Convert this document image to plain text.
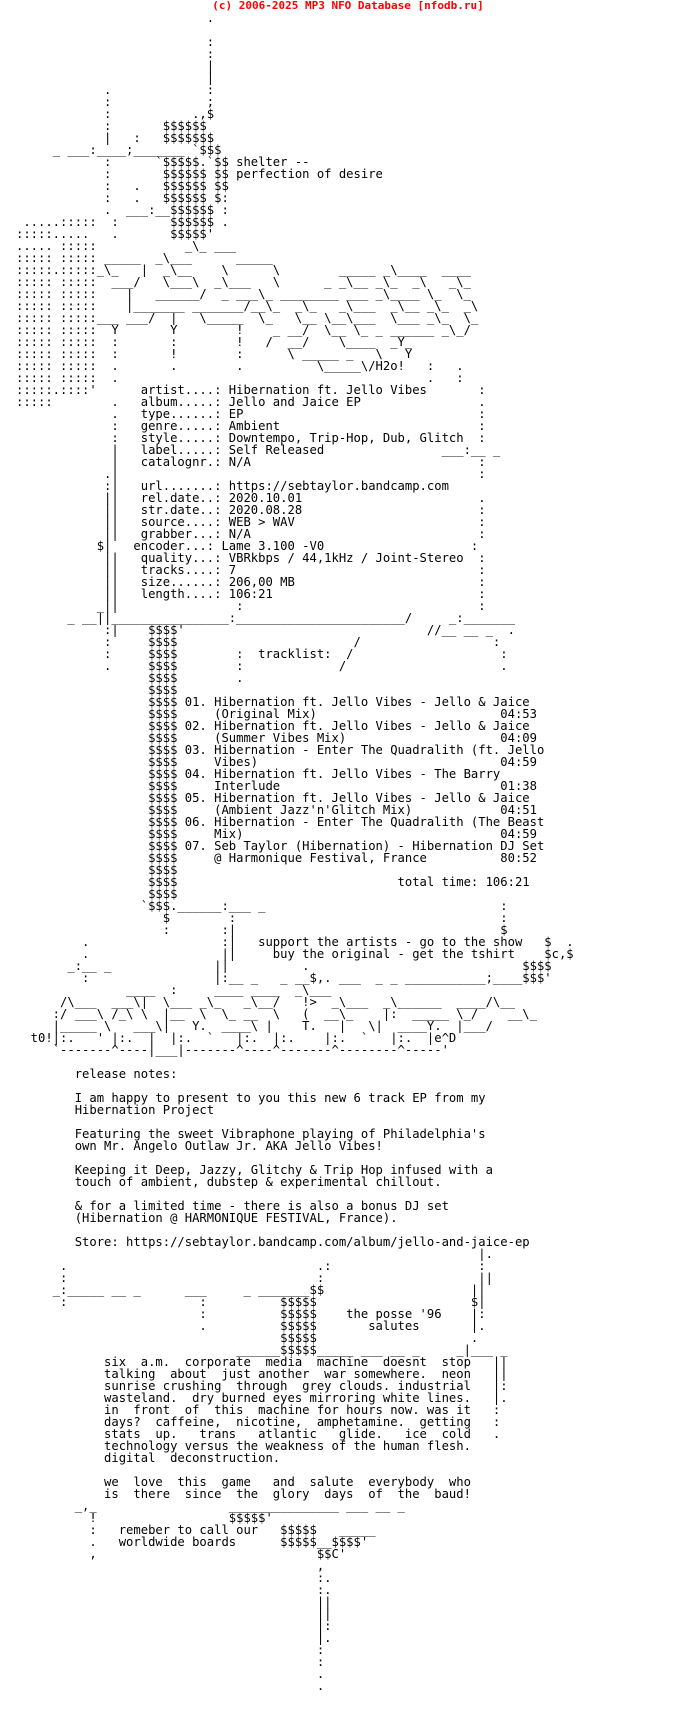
(c) 2006-2025 MP3 NFO Database [nfodb.ru]
.

:
:
|
|
.             :
:             ;
:           .,$
:       $$$$$$
|   :   $$$$$$$
_ ___:____;_______ `$$$
:      `$$$$$.`$$ shelter --
:       $$$$$$ $$ perfection of desire
:   .   $$$$$$ $$
:   .   $$$$$$ $:
.  ___:__$$$$$$ :
.....:::::  :       $$$$$$ .
:::::.....   .       $$$$$'
..... :::::            _\_ ___
::::: ::::: _____  _\___      _____
:::::.:::::_\_   |  _\__    \      \        _____ _\____  ____
::::: :::::  ___/   \___\  _\___   \      _ _\__ _\_  _\   _\_
::::: :::::    |   ______/  _ ___\_ ________ ___ _\____ \_  \_
::::: :::::    |_______ _______/__\_  _\_   _\___  _\__ _\_  _\
::::: :::::___ ___/  |   \_____  \_   \__ \__\___  \___ _\_  \_
::::: :::::  Y       Y        !    _ __/  \__ \_ _ ______ _\_/
::::: :::::  :       :        !   /  __/    \____  _Y_
::::: :::::  :       !        :      \ _____ _   \   Y
::::: :::::  .       .        .          \_____\/H2o!   :   .
::::: :::::  .                                          .   :
:::::.::::'      artist....: Hibernation ft. Jello Vibes       :
:::::        .   album.....: Jello and Jaice EP                .
.   type......: EP                                :
:   genre.....: Ambient                           :
:   style.....: Downtempo, Trip-Hop, Dub, Glitch  :
|   label.....: Self Released                ___:__ _
|   catalognr.: N/A                               :
.|                                                 :
:|   url.......: https://sebtaylor.bandcamp.com
||   rel.date..: 2020.10.01                        .
||   str.date..: 2020.08.28                        :
||   source....: WEB > WAV                         :
||   grabber...: N/A                               :
$|   encoder...: Lame 3.100 -V0                    :
||   quality...: VBRkbps / 44,1kHz / Joint-Stereo  :
||   tracks....: 7                                 :
||   size......: 206,00 MB                         :
||   length....: 106:21                            :
_||                :                                :
_ __||________________:_______________________/     _:_______
:|    $$$$'                                 //__ __ _  .
:     $$$$                        /                  :
:     $$$$        :  tracklist:  /                    :
.     $$$$        :             /                     .
$$$$        .
$$$$
$$$$ 01. Hibernation ft. Jello Vibes - Jello & Jaice
$$$$     (Original Mix)                         04:53
$$$$ 02. Hibernation ft. Jello Vibes - Jello & Jaice
$$$$     (Summer Vibes Mix)                     04:09
$$$$ 03. Hibernation - Enter The Quadralith (ft. Jello
$$$$     Vibes)                                 04:59
$$$$ 04. Hibernation ft. Jello Vibes - The Barry
$$$$     Interlude                              01:38
$$$$ 05. Hibernation ft. Jello Vibes - Jello & Jaice
$$$$     (Ambient Jazz'n'Glitch Mix)            04:51
$$$$ 06. Hibernation - Enter The Quadralith (The Beast
$$$$     Mix)                                   04:59
$$$$ 07. Seb Taylor (Hibernation) - Hibernation DJ Set
$$$$     @ Harmonique Festival, France          80:52
$$$$
$$$$                              total time: 106:21
$$$$
`$$$.______:___ _                                :
$        :                                    :
:       :|                                    $
.                  :|   support the artists - go to the show   $  .
.                  ||     buy the original - get the tshirt    $c,$
_:__ _              ||          .                             $$$$
:                 |:__ _   _ __$,. ___  _ _ ___________;____$$$'
____  :     ____ ____  _\___
/\___  ___\|  \___ _\_   _\__/   !>  _\___  _\______  ____/\__
:/ ___\ /_\ \  |__  \  \_ __  \   (  __\_    |:  _____ \_/    __\_
|_____ \   ___\|   Y.  ____\ |    T.   |   \|  ____Y.  |___/
t0!|:.   ' |:.  |  |:.  `   |:.  |:.    |:.  `   |:.  |e^D
`-------^----|___|-------^----^-------^--------^-----'

release notes:

I am happy to present to you this new 6 track EP from my
Hibernation Project

Featuring the sweet Vibraphone playing of Philadelphia's
own Mr. Angelo Outlaw Jr. AKA Jello Vibes!

Keeping it Deep, Jazzy, Glitchy & Trip Hop infused with a
touch of ambient, dubstep & experimental chillout.

& for a limited time - there is also a bonus DJ set
(Hibernation @ HARMONIQUE FESTIVAL, France).

Store: https://sebtaylor.bandcamp.com/album/jello-and-jaice-ep
|.
.                                  .:                    :
:                                  :                     ||
_:_____ __ _      ___     _ _______$$                    ||
:                  :          $$$$$                     $|
:          $$$$$    the posse '96    |:
.          $$$$$       salutes       |.
$$$$$                     .
______$$$$$_____ ___ __ _     _|___ _
six  a.m.  corporate  media  machine  doesnt  stop   ||
talking  about  just another  war somewhere.  neon   ||
sunrise crushing  through  grey clouds. industrial   |:
wasteland.  dry burned eyes mirroring white lines.   |.
in  front  of  this  machine for hours now. was it   :
days?  caffeine,  nicotine,  amphetamine.  getting   :
stats  up.   trans   atlantic   glide.   ice  cold   .
technology versus the weakness of the human flesh.
digital  deconstruction.

we  love  this  game   and  salute  everybody  who
is  there  since  the  glory  days  of  the  baud!
_,_                  _______________ ___ __ _
!                  $$$$$'
:   remeber to call our   $$$$$   _____
.   worldwide boards      $$$$$__$$$$'
,                              $$C'
,
:.
:.
||
||
|:
|.
:
:
.
.
